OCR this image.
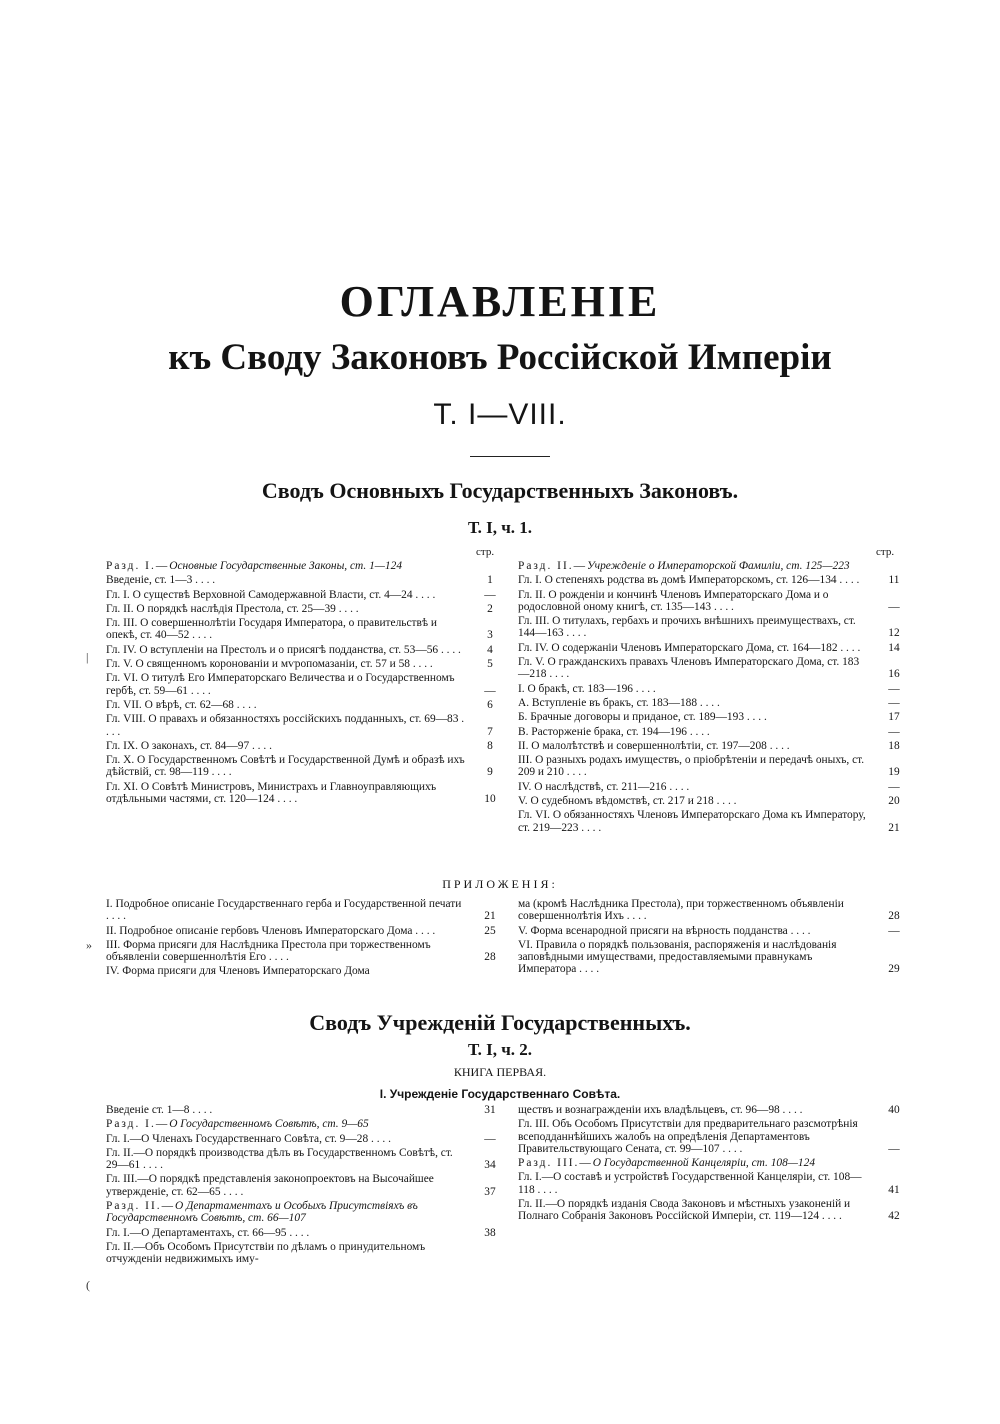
ОГЛАВЛЕНIЕ
къ Своду Законовъ Россiйской Имперiи
Т. I—VIII.
Сводъ Основныхъ Государственныхъ Законовъ.
Т. I, ч. 1.
стр.	стр.
Разд. I.—Основные Государственные Законы, ст. 1—124
Введенiе, ст. 1—3 . . . .	1
Гл. I. О существѣ Верховной Самодержавной Власти, ст. 4—24 . . . .	—
Гл. II. О порядкѣ наслѣдiя Престола, ст. 25—39 . . . .	2
Гл. III. О совершеннолѣтiи Государя Императора, о правительствѣ и опекѣ, ст. 40—52 . . . .	3
Гл. IV. О вступленiи на Престолъ и о присягѣ подданства, ст. 53—56 . . . .	4
Гл. V. О священномъ коронованiи и мѵропомазанiи, ст. 57 и 58 . . . .	5
Гл. VI. О титулѣ Его Императорскаго Величества и о Государственномъ гербѣ, ст. 59—61 . . . .	—
Гл. VII. О вѣрѣ, ст. 62—68 . . . .	6
Гл. VIII. О правахъ и обязанностяхъ россiйскихъ подданныхъ, ст. 69—83 . . . .	7
Гл. IX. О законахъ, ст. 84—97 . . . .	8
Гл. X. О Государственномъ Совѣтѣ и Государственной Думѣ и образѣ ихъ дѣйствiй, ст. 98—119 . . . .	9
Гл. XI. О Совѣтѣ Министровъ, Министрахъ и Главноуправляющихъ отдѣльными частями, ст. 120—124 . . . .	10
Разд. II.—Учрежденiе о Императорской Фамилiи, ст. 125—223
Гл. I. О степеняхъ родства въ домѣ Императорскомъ, ст. 126—134 . . . .	11
Гл. II. О рожденiи и кончинѣ Членовъ Императорскаго Дома и о родословной оному книгѣ, ст. 135—143 . . . .	—
Гл. III. О титулахъ, гербахъ и прочихъ внѣшнихъ преимуществахъ, ст. 144—163 . . . .	12
Гл. IV. О содержанiи Членовъ Императорскаго Дома, ст. 164—182 . . . .	14
Гл. V. О гражданскихъ правахъ Членовъ Императорскаго Дома, ст. 183—218 . . . .	16
I. О бракѣ, ст. 183—196 . . . .	—
А. Вступленiе въ бракъ, ст. 183—188 . . . .	—
Б. Брачные договоры и приданое, ст. 189—193 . . . .	17
В. Расторженiе брака, ст. 194—196 . . . .	—
II. О малолѣтствѣ и совершеннолѣтiи, ст. 197—208 . . . .	18
III. О разныхъ родахъ имуществъ, о прiобрѣтенiи и передачѣ оныхъ, ст. 209 и 210 . . . .	19
IV. О наслѣдствѣ, ст. 211—216 . . . .	—
V. О судебномъ вѣдомствѣ, ст. 217 и 218 . . . .	20
Гл. VI. О обязанностяхъ Членовъ Императорскаго Дома къ Императору, ст. 219—223 . . . .	21
ПРИЛОЖЕНIЯ:
I. Подробное описанiе Государственнаго герба и Государственной печати . . . .	21
II. Подробное описанiе гербовъ Членовъ Императорскаго Дома . . . .	25
III. Форма присяги для Наслѣдника Престола при торжественномъ объявленiи совершеннолѣтiя Его . . . .	28
IV. Форма присяги для Членовъ Императорскаго Дома
ма (кромѣ Наслѣдника Престола), при торжественномъ объявленiи совершеннолѣтiя Ихъ . . . .	28
V. Форма всенародной присяги на вѣрность подданства . . . .	—
VI. Правила о порядкѣ пользованiя, распоряженiя и наслѣдованiя заповѣдными имуществами, предоставляемыми правнукамъ Императора . . . .	29
Сводъ Учрежденiй Государственныхъ.
Т. I, ч. 2.
КНИГА ПЕРВАЯ.
I. Учрежденiе Государственнаго Совѣта.
Введенiе ст. 1—8 . . . .	31
Разд. I.—О Государственномъ Совѣтѣ, ст. 9—65
Гл. I.—О Членахъ Государственнаго Совѣта, ст. 9—28 . . . .	—
Гл. II.—О порядкѣ производства дѣлъ въ Государственномъ Совѣтѣ, ст. 29—61 . . . .	34
Гл. III.—О порядкѣ представленiя законопроектовъ на Высочайшее утвержденiе, ст. 62—65 . . . .	37
Разд. II.—О Департаментахъ и Особыхъ Присутствiяхъ въ Государственномъ Совѣтѣ, ст. 66—107
Гл. I.—О Департаментахъ, ст. 66—95 . . . .	38
Гл. II.—Объ Особомъ Присутствiи по дѣламъ о принудительномъ отчужденiи недвижимыхъ иму-
ществъ и вознагражденiи ихъ владѣльцевъ, ст. 96—98 . . . .	40
Гл. III. Объ Особомъ Присутствiи для предварительнаго разсмотрѣнiя всеподданнѣйшихъ жалобъ на опредѣленiя Департаментовъ Правительствующаго Сената, ст. 99—107 . . . .	—
Разд. III.—О Государственной Канцелярiи, ст. 108—124
Гл. I.—О составѣ и устройствѣ Государственной Канцелярiи, ст. 108—118 . . . .	41
Гл. II.—О порядкѣ изданiя Свода Законовъ и мѣстныхъ узаконенiй и Полнаго Собранiя Законовъ Россiйской Имперiи, ст. 119—124 . . . .	42
|
»
(
